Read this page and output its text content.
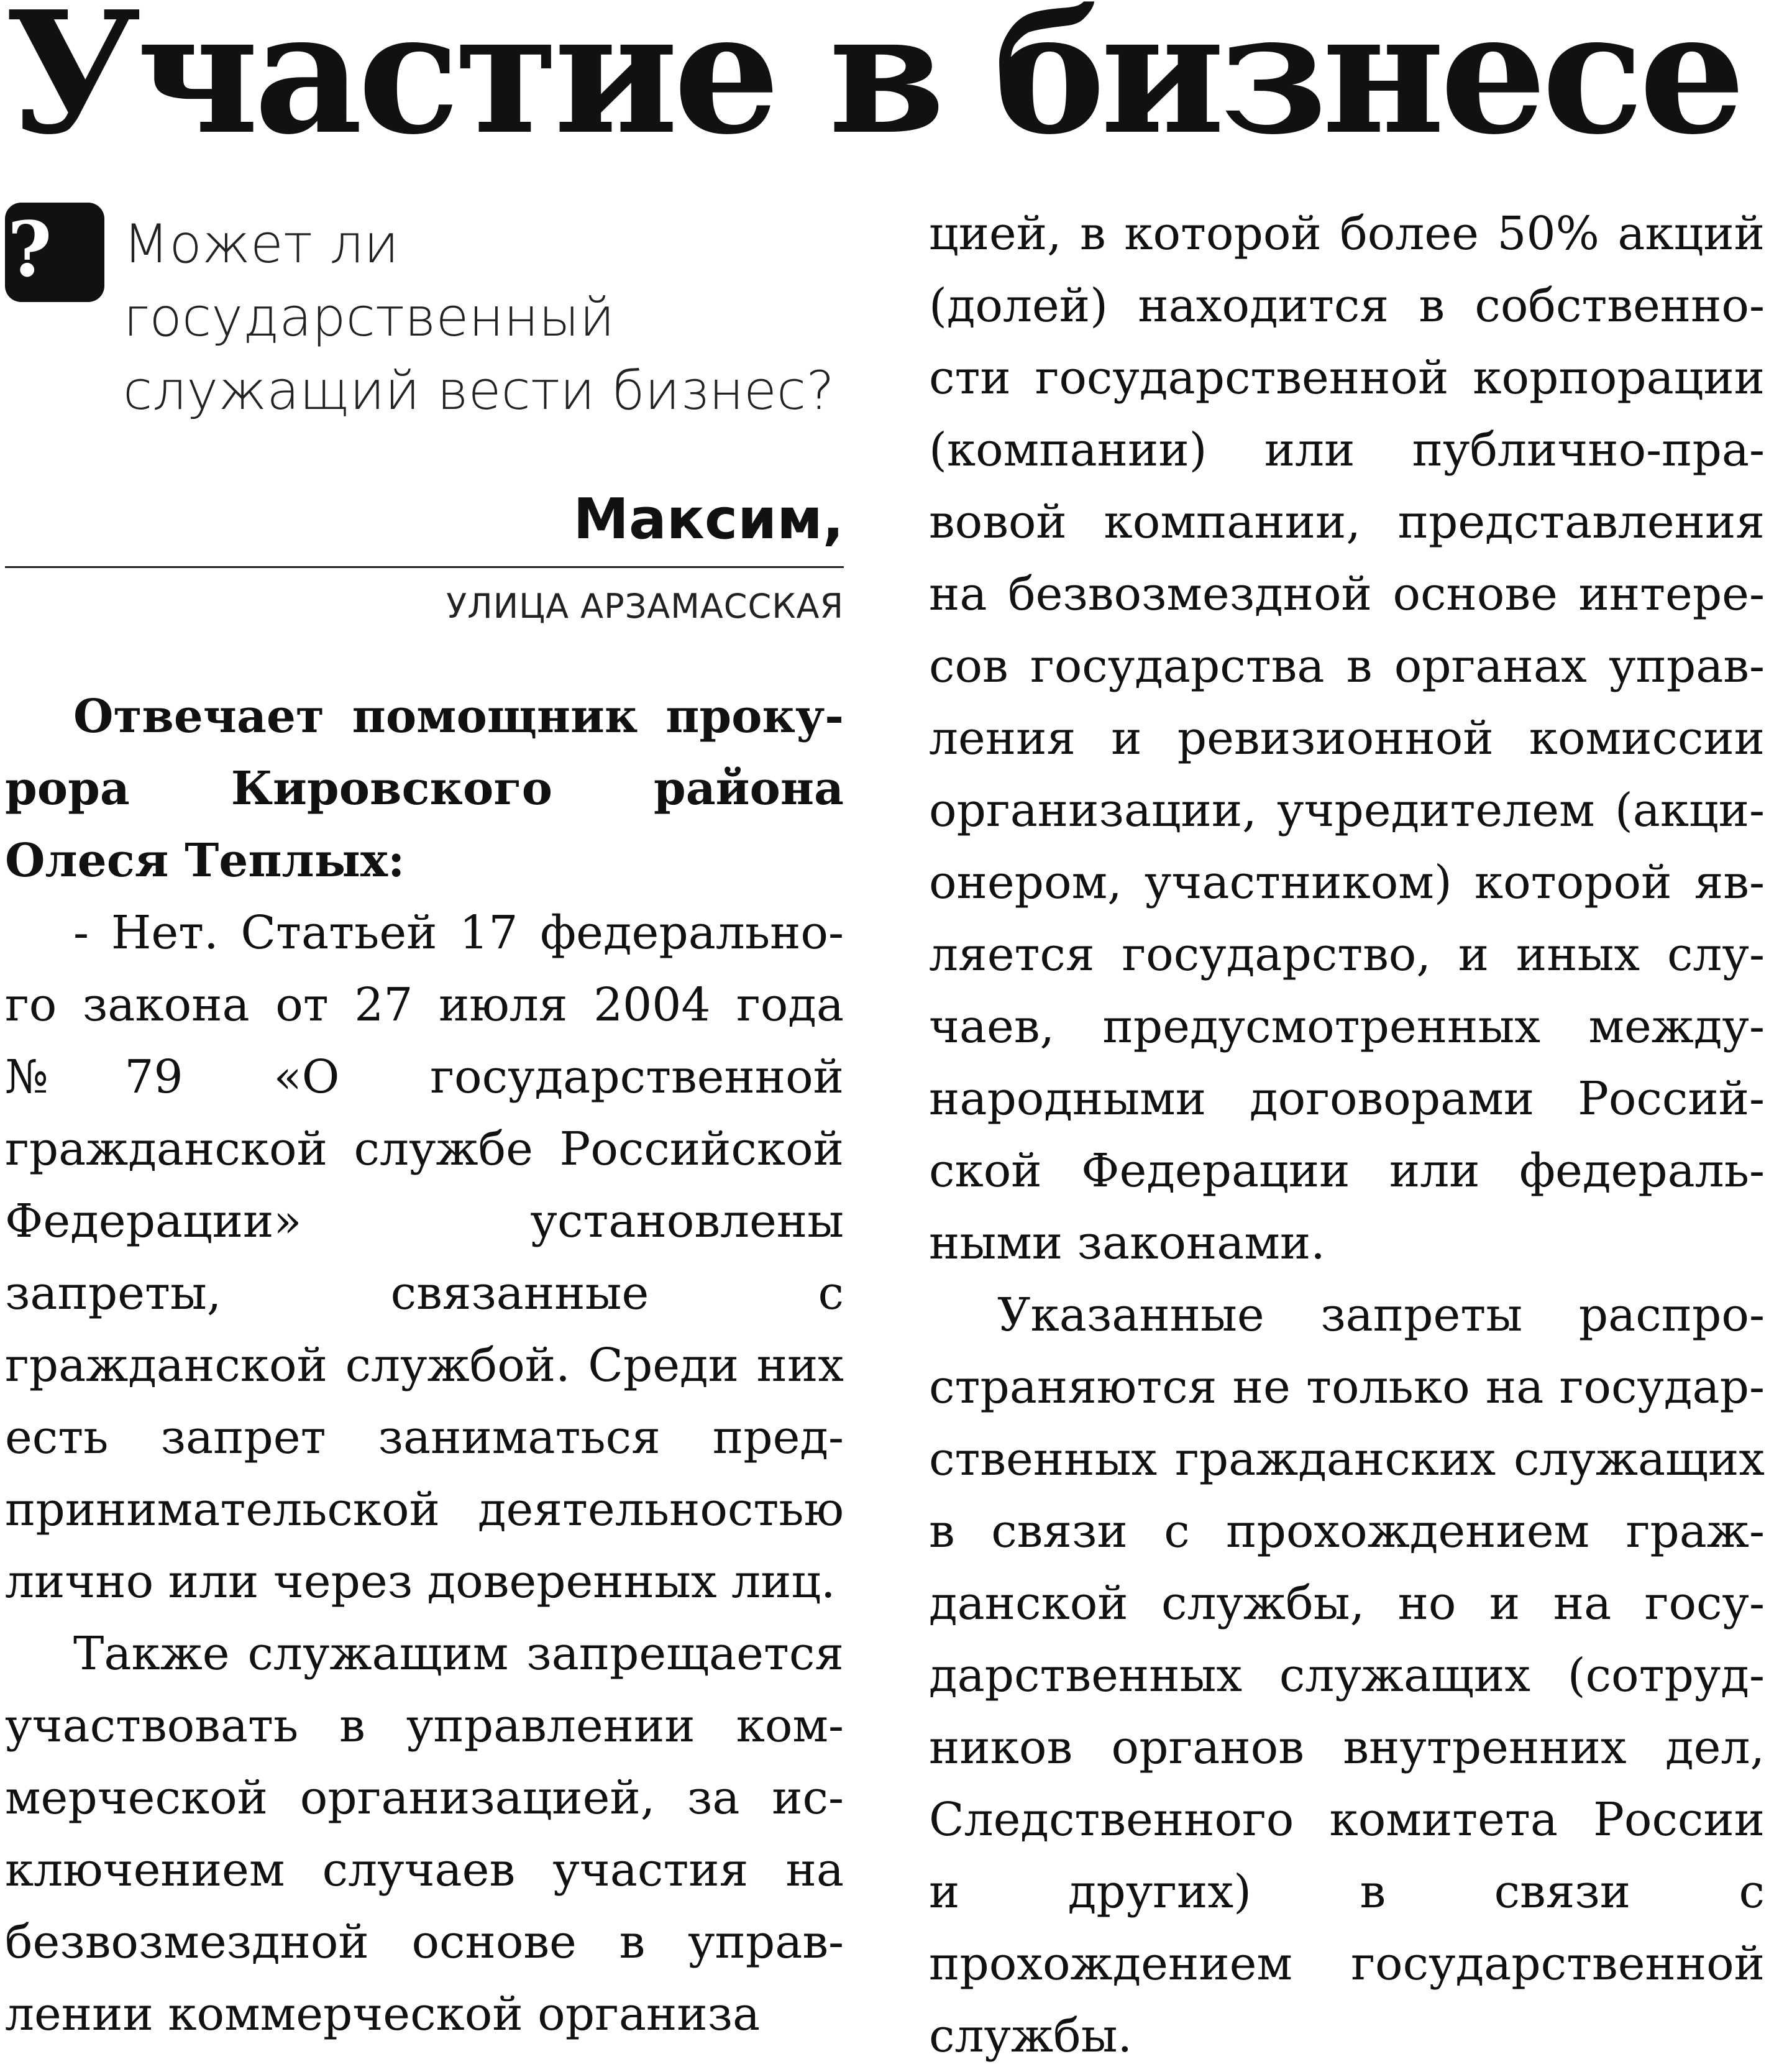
Участие в бизнесе
? Может ли государственный служащий вести бизнес?
Максим,
УЛИЦА АРЗАМАССКАЯ

Отвечает помощник прокурора Кировского района Олеся Теплых:

- Нет. Статьей 17 федерального закона от 27 июля 2004 года №79 «О государственной гражданской службе Российской Федерации» установлены запреты, связанные с гражданской службой. Среди них есть запрет заниматься предпринимательской деятельностью лично или через доверенных лиц.

Также служащим запрещается участвовать в управлении коммерческой организацией, за исключением случаев участия на безвозмездной основе в управлении коммерческой организа

цией, в которой более 50% акций (долей) находится в собственности государственной корпорации (компании) или публично-правовой компании, представления на безвозмездной основе интересов государства в органах управления и ревизионной комиссии организации, учредителем (акционером, участником) которой является государство, и иных случаев, предусмотренных международными договорами Российской Федерации или федеральными законами.

Указанные запреты распространяются не только на государственных гражданских служащих в связи с прохождением гражданской службы, но и на государственных служащих (сотрудников органов внутренних дел, Следственного комитета России и других) в связи с прохождением государственной службы.
